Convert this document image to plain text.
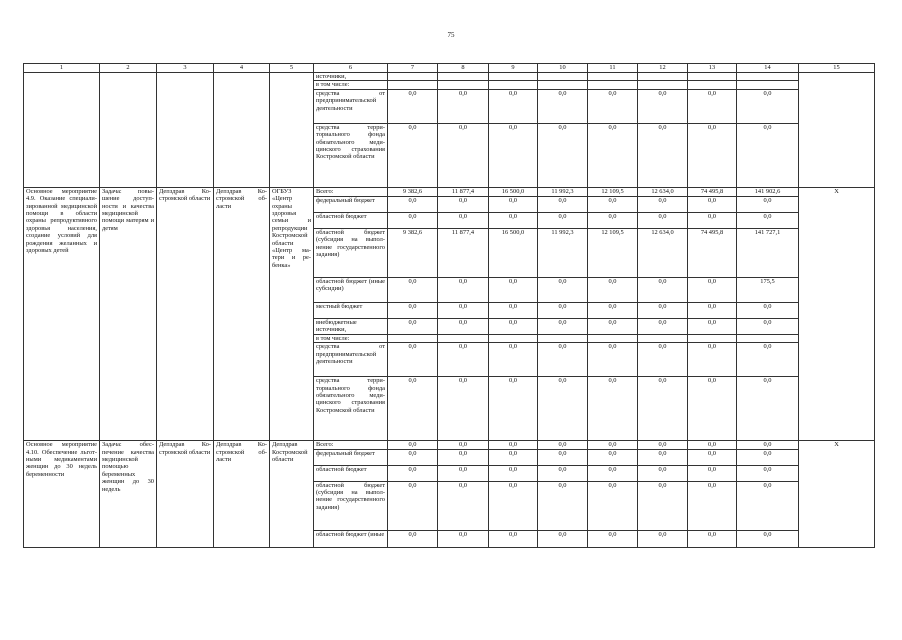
75
1	2	3	4	5	6	7	8	9	10	11	12	13	14	15
					источники,									
					в том числе:									
					средства от предпринимательской деятельности	0,0	0,0	0,0	0,0	0,0	0,0	0,0	0,0	
					средства территориального фонда обязательного медицинского страхования Костромской области	0,0	0,0	0,0	0,0	0,0	0,0	0,0	0,0	
Основное мероприятие 4.9. Оказание специализированной медицинской помощи в области охраны репродуктивного здоровья населения, создание условий для рождения желанных и здоровых детей	Задача: повышение доступности и качества медицинской помощи матерям и детям	Депздрав Костромской области	Депздрав Костромской области	ОГБУЗ «Центр охраны здоровья семьи и репродукции Костромской области «Центр матери и ребенка»	Всего:	9 382,6	11 877,4	16 500,0	11 992,3	12 109,5	12 634,0	74 495,8	141 902,6	Х
					федеральный бюджет	0,0	0,0	0,0	0,0	0,0	0,0	0,0	0,0	
					областной бюджет	0,0	0,0	0,0	0,0	0,0	0,0	0,0	0,0	
					областной бюджет (субсидия на выполнение государственного задания)	9 382,6	11 877,4	16 500,0	11 992,3	12 109,5	12 634,0	74 495,8	141 727,1	
					областной бюджет (иные субсидии)	0,0	0,0	0,0	0,0	0,0	0,0	0,0	175,5	
					местный бюджет	0,0	0,0	0,0	0,0	0,0	0,0	0,0	0,0	
					внебюджетные источники,	0,0	0,0	0,0	0,0	0,0	0,0	0,0	0,0	
					в том числе:									
					средства от предпринимательской деятельности	0,0	0,0	0,0	0,0	0,0	0,0	0,0	0,0	
					средства территориального фонда обязательного медицинского страхования Костромской области	0,0	0,0	0,0	0,0	0,0	0,0	0,0	0,0	
Основное мероприятие 4.10. Обеспечение льготными медикаментами женщин до 30 недель беременности	Задача: обеспечение качества медицинской помощью беременных женщин до 30 недель	Депздрав Костромской области	Депздрав Костромской области	Депздрав Костромской области	Всего:	0,0	0,0	0,0	0,0	0,0	0,0	0,0	0,0	Х
					федеральный бюджет	0,0	0,0	0,0	0,0	0,0	0,0	0,0	0,0	
					областной бюджет	0,0	0,0	0,0	0,0	0,0	0,0	0,0	0,0	
					областной бюджет (субсидия на выполнение государственного задания)	0,0	0,0	0,0	0,0	0,0	0,0	0,0	0,0	
					областной бюджет (иные	0,0	0,0	0,0	0,0	0,0	0,0	0,0	0,0	
